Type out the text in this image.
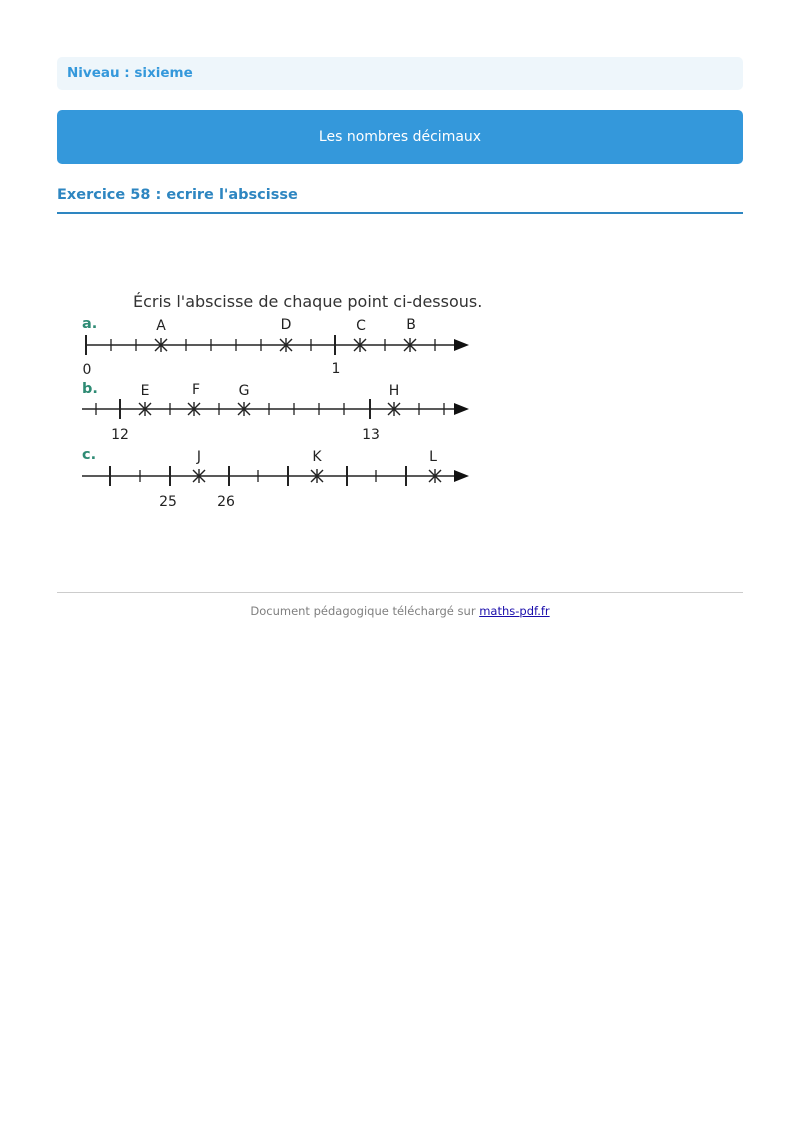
Niveau : sixieme
Les nombres décimaux
Exercice 58 : ecrire l'abscisse
Écris l'abscisse de chaque point ci-dessous.
a.	A	D	C	B
0	1
b.	E	F	G	H
12	13
c.	J	K	L
25	26
Document pédagogique téléchargé sur maths-pdf.fr
